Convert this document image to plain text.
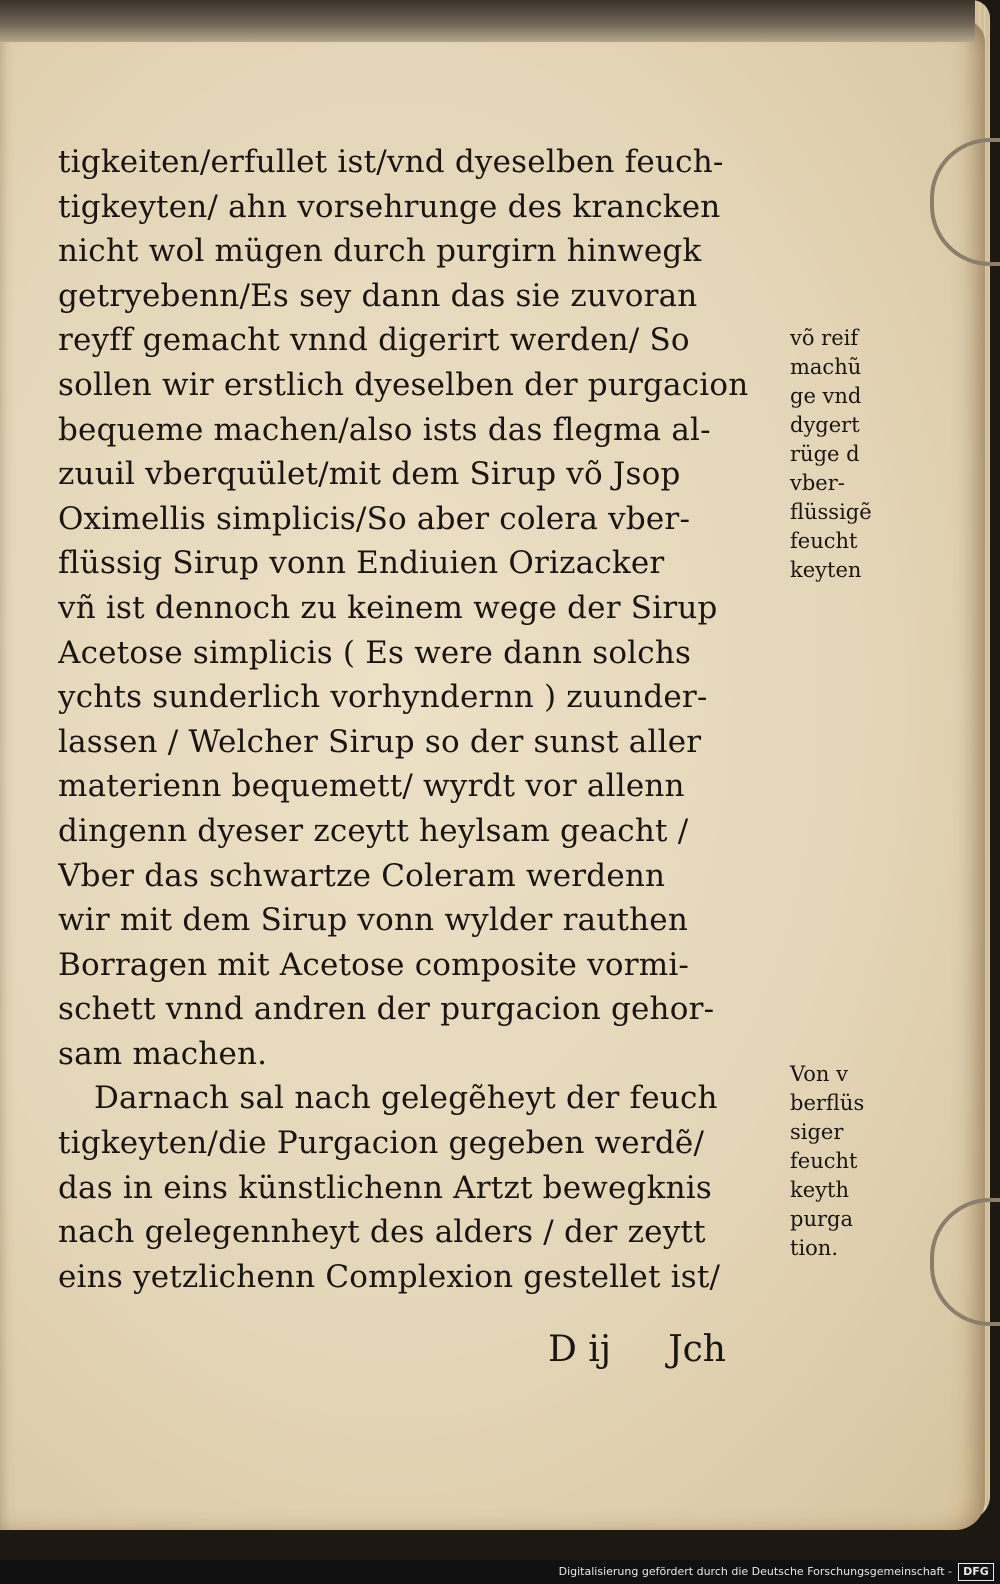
tigkeiten/erfullet ist/vnd dyeselben feuch-
tigkeyten/ ahn vorsehrunge des krancken
nicht wol mügen durch purgirn hinwegk
getryebenn/Es sey dann das sie zuvoran
reyff gemacht vnnd digerirt werden/ So
sollen wir erstlich dyeselben der purgacion
bequeme machen/also ists das flegma al-
zuuil vberquület/mit dem Sirup võ Jsop
Oximellis simplicis/So aber colera vber-
flüssig Sirup vonn Endiuien Orizacker
vñ ist dennoch zu keinem wege der Sirup
Acetose simplicis ( Es were dann solchs
ychts sunderlich vorhyndernn ) zuunder-
lassen / Welcher Sirup so der sunst aller
materienn bequemett/ wyrdt vor allenn
dingenn dyeser zceytt heylsam geacht /
Vber das schwartze Coleram werdenn
wir mit dem Sirup vonn wylder rauthen
Borragen mit Acetose composite vormi-
schett vnnd andren der purgacion gehor-
sam machen.
Darnach sal nach gelegẽheyt der feuch
tigkeyten/die Purgacion gegeben werdẽ/
das in eins künstlichenn Artzt bewegknis
nach gelegennheyt des alders / der zeytt
eins yetzlichenn Complexion gestellet ist/
võ reif
machũ
ge vnd
dygert
rüge d
vber-
flüssigẽ
feucht
keyten
Von v
berflüs
siger
feucht
keyth
purga
tion.
D ij     Jch
Digitalisierung gefördert durch die Deutsche Forschungsgemeinschaft -	DFG
